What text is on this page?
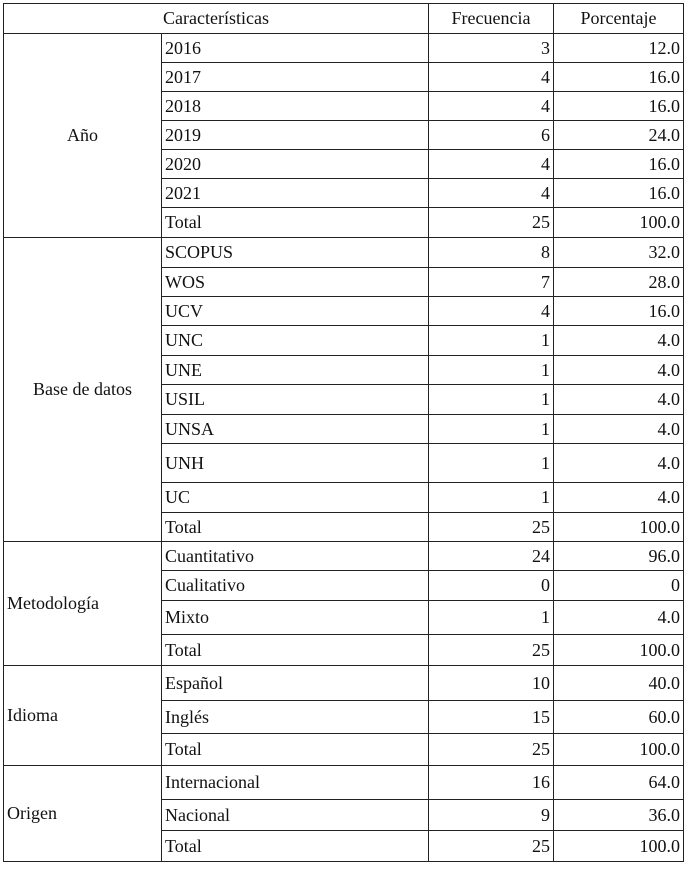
Características		Frecuencia	Porcentaje
Año	2016	3	12.0
	2017	4	16.0
	2018	4	16.0
	2019	6	24.0
	2020	4	16.0
	2021	4	16.0
	Total	25	100.0
Base de datos	SCOPUS	8	32.0
	WOS	7	28.0
	UCV	4	16.0
	UNC	1	4.0
	UNE	1	4.0
	USIL	1	4.0
	UNSA	1	4.0
	UNH	1	4.0
	UC	1	4.0
	Total	25	100.0
Metodología	Cuantitativo	24	96.0
	Cualitativo	0	0
	Mixto	1	4.0
	Total	25	100.0
Idioma	Español	10	40.0
	Inglés	15	60.0
	Total	25	100.0
Origen	Internacional	16	64.0
	Nacional	9	36.0
	Total	25	100.0
